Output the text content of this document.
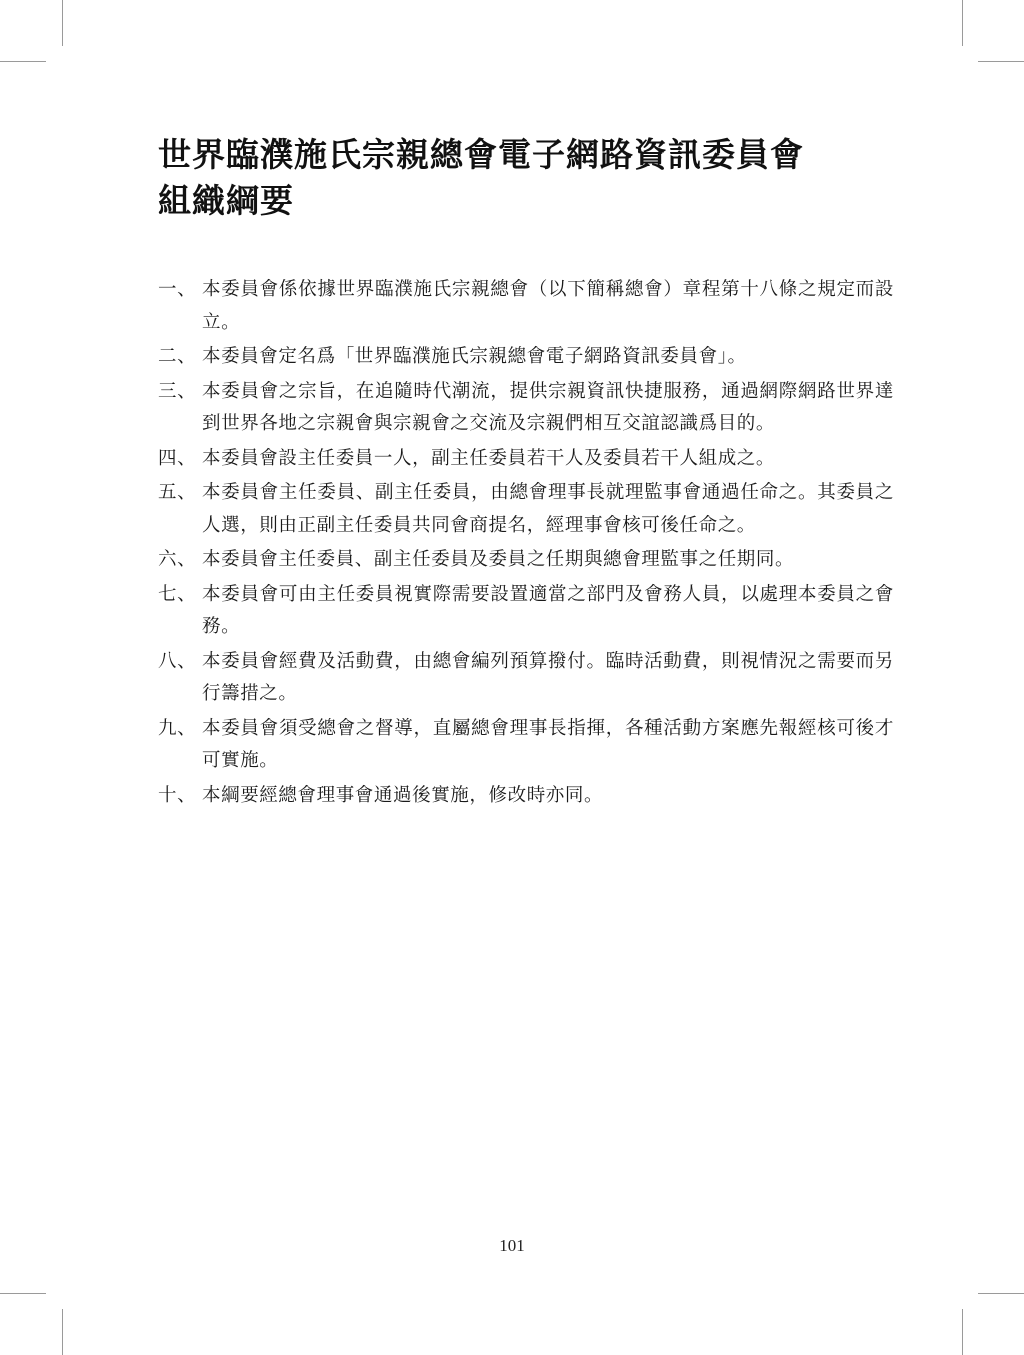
世界臨濮施氏宗親總會電子網路資訊委員會
組織綱要
一、 本委員會係依據世界臨濮施氏宗親總會（以下簡稱總會）章程第十八條之規定而設立。
二、 本委員會定名爲「世界臨濮施氏宗親總會電子網路資訊委員會」。
三、 本委員會之宗旨，在追隨時代潮流，提供宗親資訊快捷服務，通過網際網路世界達到世界各地之宗親會與宗親會之交流及宗親們相互交誼認識爲目的。
四、 本委員會設主任委員一人，副主任委員若干人及委員若干人組成之。
五、 本委員會主任委員、副主任委員，由總會理事長就理監事會通過任命之。其委員之人選，則由正副主任委員共同會商提名，經理事會核可後任命之。
六、 本委員會主任委員、副主任委員及委員之任期與總會理監事之任期同。
七、 本委員會可由主任委員視實際需要設置適當之部門及會務人員，以處理本委員之會務。
八、 本委員會經費及活動費，由總會編列預算撥付。臨時活動費，則視情況之需要而另行籌措之。
九、 本委員會須受總會之督導，直屬總會理事長指揮，各種活動方案應先報經核可後才可實施。
十、 本綱要經總會理事會通過後實施，修改時亦同。
101
